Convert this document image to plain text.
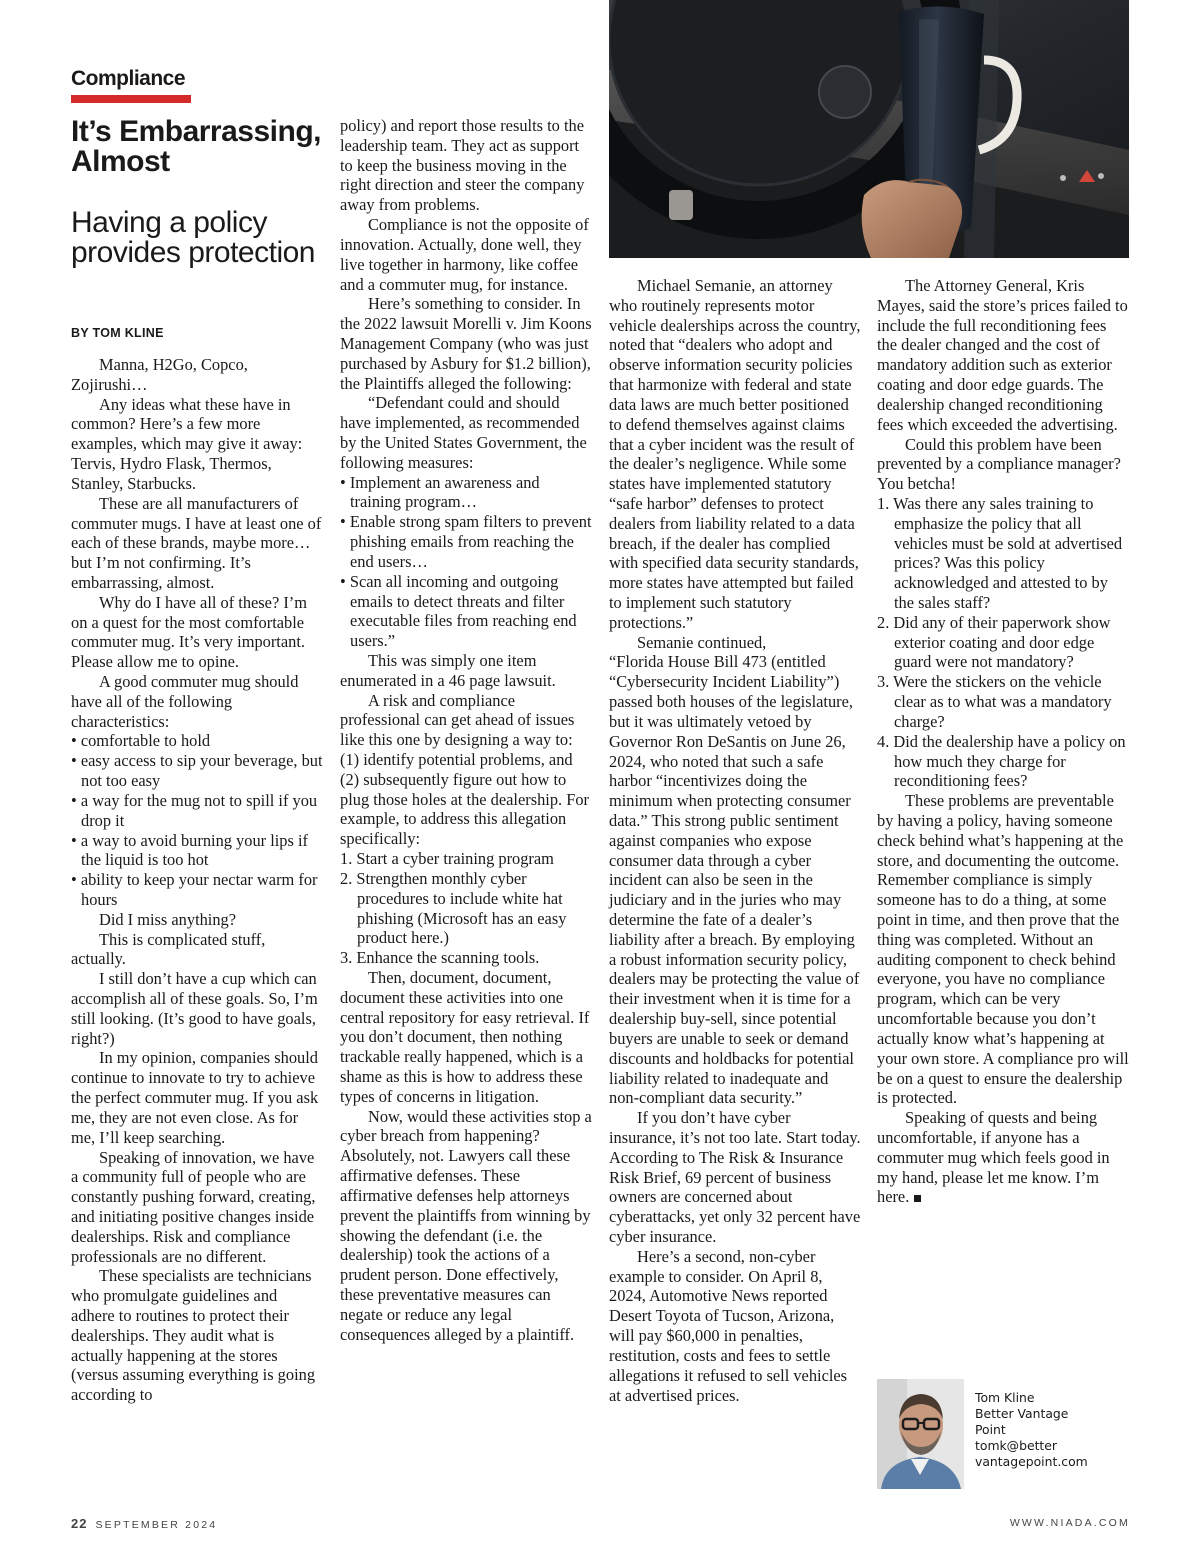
Compliance
It’s Embarrassing, Almost
Having a policy provides protection
BY TOM KLINE

Manna, H2Go, Copco, Zojirushi…

Any ideas what these have in common? Here’s a few more examples, which may give it away: Tervis, Hydro Flask, Thermos, Stanley, Starbucks.

These are all manufacturers of commuter mugs. I have at least one of each of these brands, maybe more…but I’m not confirming. It’s embarrassing, almost.

Why do I have all of these? I’m on a quest for the most comfortable commuter mug. It’s very important. Please allow me to opine.

A good commuter mug should have all of the following characteristics:

• comfortable to hold

• easy access to sip your beverage, but not too easy

• a way for the mug not to spill if you drop it

• a way to avoid burning your lips if the liquid is too hot

• ability to keep your nectar warm for hours

Did I miss anything?

This is complicated stuff, actually.

I still don’t have a cup which can accomplish all of these goals. So, I’m still looking. (It’s good to have goals, right?)

In my opinion, companies should continue to innovate to try to achieve the perfect commuter mug. If you ask me, they are not even close. As for me, I’ll keep searching.

Speaking of innovation, we have a community full of people who are constantly pushing forward, creating, and initiating positive changes inside dealerships. Risk and compliance professionals are no different.

These specialists are technicians who promulgate guidelines and adhere to routines to protect their dealerships. They audit what is actually happening at the stores (versus assuming everything is going according to

policy) and report those results to the leadership team. They act as support to keep the business moving in the right direction and steer the company away from problems.

Compliance is not the opposite of innovation. Actually, done well, they live together in harmony, like coffee and a commuter mug, for instance.

Here’s something to consider. In the 2022 lawsuit Morelli v. Jim Koons Management Company (who was just purchased by Asbury for $1.2 billion), the Plaintiffs alleged the following:

“Defendant could and should have implemented, as recommended by the United States Government, the following measures:

• Implement an awareness and training program…

• Enable strong spam filters to prevent phishing emails from reaching the end users…

• Scan all incoming and outgoing emails to detect threats and filter executable files from reaching end users.”

This was simply one item enumerated in a 46 page lawsuit.

A risk and compliance professional can get ahead of issues like this one by designing a way to: (1) identify potential problems, and (2) subsequently figure out how to plug those holes at the dealership. For example, to address this allegation specifically:

1. Start a cyber training program

2. Strengthen monthly cyber procedures to include white hat phishing (Microsoft has an easy product here.)

3. Enhance the scanning tools.

Then, document, document, document these activities into one central repository for easy retrieval. If you don’t document, then nothing trackable really happened, which is a shame as this is how to address these types of concerns in litigation.

Now, would these activities stop a cyber breach from happening? Absolutely, not. Lawyers call these affirmative defenses. These affirmative defenses help attorneys prevent the plaintiffs from winning by showing the defendant (i.e. the dealership) took the actions of a prudent person. Done effectively, these preventative measures can negate or reduce any legal consequences alleged by a plaintiff.

Michael Semanie, an attorney who routinely represents motor vehicle dealerships across the country, noted that “dealers who adopt and observe information security policies that harmonize with federal and state data laws are much better positioned to defend themselves against claims that a cyber incident was the result of the dealer’s negligence. While some states have implemented statutory “safe harbor” defenses to protect dealers from liability related to a data breach, if the dealer has complied with specified data security standards, more states have attempted but failed to implement such statutory protections.”

Semanie continued,

“Florida House Bill 473 (entitled “Cybersecurity Incident Liability”) passed both houses of the legislature, but it was ultimately vetoed by Governor Ron DeSantis on June 26, 2024, who noted that such a safe harbor “incentivizes doing the minimum when protecting consumer data.” This strong public sentiment against companies who expose consumer data through a cyber incident can also be seen in the judiciary and in the juries who may determine the fate of a dealer’s liability after a breach. By employing a robust information security policy, dealers may be protecting the value of their investment when it is time for a dealership buy-sell, since potential buyers are unable to seek or demand discounts and holdbacks for potential liability related to inadequate and non-compliant data security.”

If you don’t have cyber insurance, it’s not too late. Start today. According to The Risk & Insurance Risk Brief, 69 percent of business owners are concerned about cyberattacks, yet only 32 percent have cyber insurance.

Here’s a second, non-cyber example to consider. On April 8, 2024, Automotive News reported Desert Toyota of Tucson, Arizona, will pay $60,000 in penalties, restitution, costs and fees to settle allegations it refused to sell vehicles at advertised prices.

The Attorney General, Kris Mayes, said the store’s prices failed to include the full reconditioning fees the dealer changed and the cost of mandatory addition such as exterior coating and door edge guards. The dealership changed reconditioning fees which exceeded the advertising.

Could this problem have been prevented by a compliance manager? You betcha!

1. Was there any sales training to emphasize the policy that all vehicles must be sold at advertised prices? Was this policy acknowledged and attested to by the sales staff?

2. Did any of their paperwork show exterior coating and door edge guard were not mandatory?

3. Were the stickers on the vehicle clear as to what was a mandatory charge?

4. Did the dealership have a policy on how much they charge for reconditioning fees?

These problems are preventable by having a policy, having someone check behind what’s happening at the store, and documenting the outcome. Remember compliance is simply someone has to do a thing, at some point in time, and then prove that the thing was completed. Without an auditing component to check behind everyone, you have no compliance program, which can be very uncomfortable because you don’t actually know what’s happening at your own store. A compliance pro will be on a quest to ensure the dealership is protected.

Speaking of quests and being uncomfortable, if anyone has a commuter mug which feels good in my hand, please let me know. I’m here.

Tom Kline
Better Vantage
Point
tomk@better
vantagepoint.com
22 SEPTEMBER 2024	WWW.NIADA.COM
